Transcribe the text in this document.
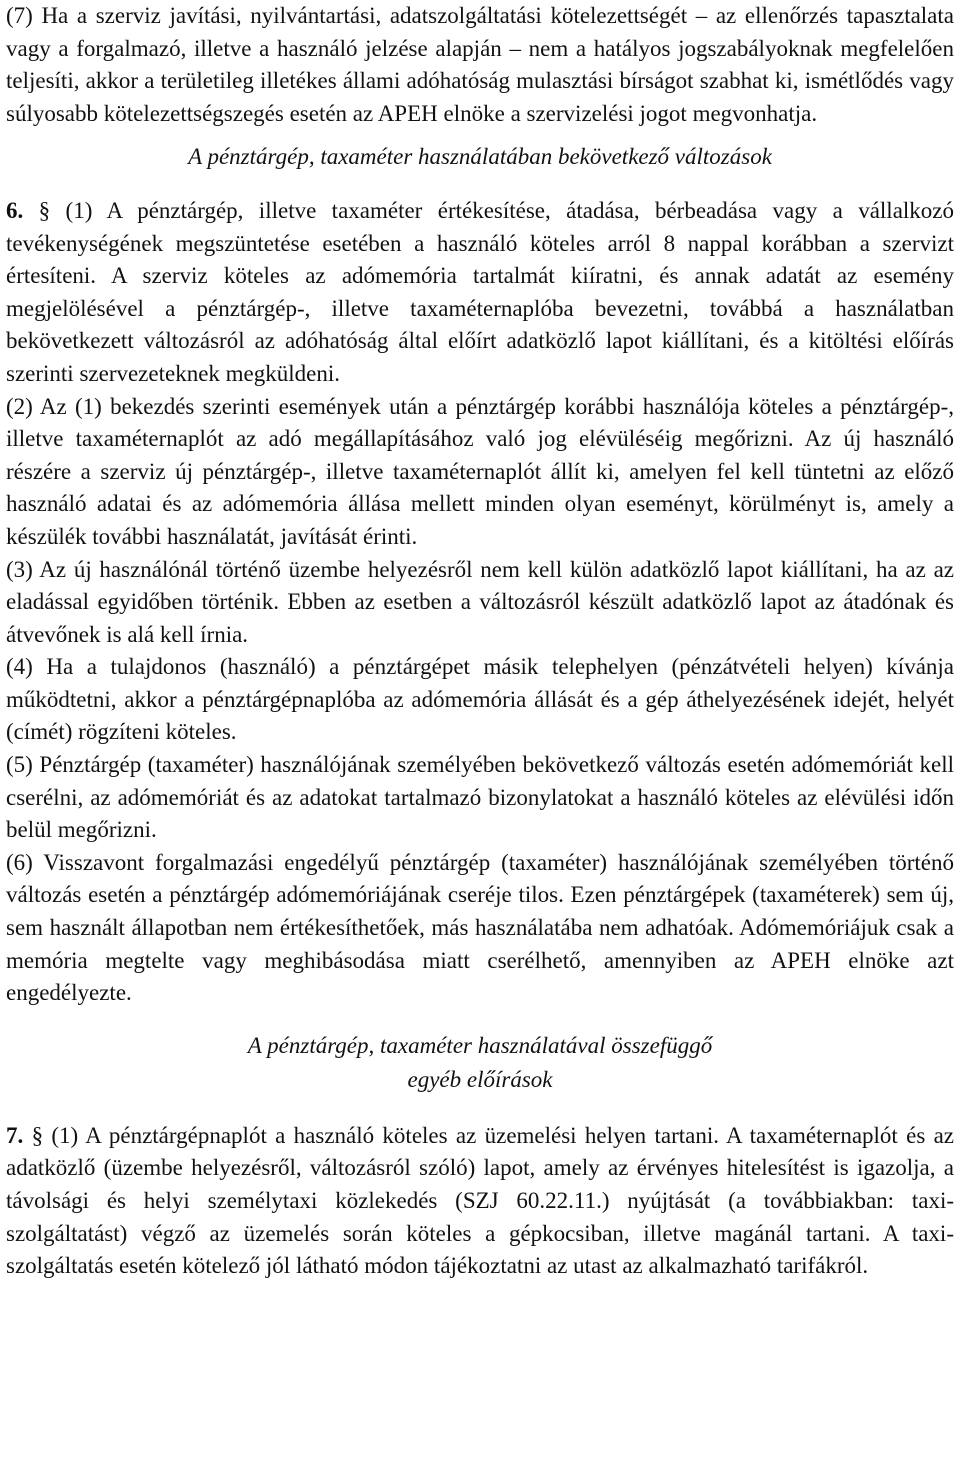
(7) Ha a szerviz javítási, nyilvántartási, adatszolgáltatási kötelezettségét – az ellenőrzés tapasztalata vagy a forgalmazó, illetve a használó jelzése alapján – nem a hatályos jogszabályoknak megfelelően teljesíti, akkor a területileg illetékes állami adóhatóság mulasztási bírságot szabhat ki, ismétlődés vagy súlyosabb kötelezettségszegés esetén az APEH elnöke a szervizelési jogot megvonhatja.

A pénztárgép, taxaméter használatában bekövetkező változások

6. § (1) A pénztárgép, illetve taxaméter értékesítése, átadása, bérbeadása vagy a vállalkozó tevékenységének megszüntetése esetében a használó köteles arról 8 nappal korábban a szervizt értesíteni. A szerviz köteles az adómemória tartalmát kiíratni, és annak adatát az esemény megjelölésével a pénztárgép-, illetve taxaméternaplóba bevezetni, továbbá a használatban bekövetkezett változásról az adóhatóság által előírt adatközlő lapot kiállítani, és a kitöltési előírás szerinti szervezeteknek megküldeni.

(2) Az (1) bekezdés szerinti események után a pénztárgép korábbi használója köteles a pénztárgép-, illetve taxaméternaplót az adó megállapításához való jog elévüléséig megőrizni. Az új használó részére a szerviz új pénztárgép-, illetve taxaméternaplót állít ki, amelyen fel kell tüntetni az előző használó adatai és az adómemória állása mellett minden olyan eseményt, körülményt is, amely a készülék további használatát, javítását érinti.

(3) Az új használónál történő üzembe helyezésről nem kell külön adatközlő lapot kiállítani, ha az az eladással egyidőben történik. Ebben az esetben a változásról készült adatközlő lapot az átadónak és átvevőnek is alá kell írnia.

(4) Ha a tulajdonos (használó) a pénztárgépet másik telephelyen (pénzátvételi helyen) kívánja működtetni, akkor a pénztárgépnaplóba az adómemória állását és a gép áthelyezésének idejét, helyét (címét) rögzíteni köteles.

(5) Pénztárgép (taxaméter) használójának személyében bekövetkező változás esetén adómemóriát kell cserélni, az adómemóriát és az adatokat tartalmazó bizonylatokat a használó köteles az elévülési időn belül megőrizni.

(6) Visszavont forgalmazási engedélyű pénztárgép (taxaméter) használójának személyében történő változás esetén a pénztárgép adómemóriájának cseréje tilos. Ezen pénztárgépek (taxaméterek) sem új, sem használt állapotban nem értékesíthetőek, más használatába nem adhatóak. Adómemóriájuk csak a memória megtelte vagy meghibásodása miatt cserélhető, amennyiben az APEH elnöke azt engedélyezte.

A pénztárgép, taxaméter használatával összefüggő
egyéb előírások

7. § (1) A pénztárgépnaplót a használó köteles az üzemelési helyen tartani. A taxaméternaplót és az adatközlő (üzembe helyezésről, változásról szóló) lapot, amely az érvényes hitelesítést is igazolja, a távolsági és helyi személytaxi közlekedés (SZJ 60.22.11.) nyújtását (a továbbiakban: taxi-szolgáltatást) végző az üzemelés során köteles a gépkocsiban, illetve magánál tartani. A taxi-szolgáltatás esetén kötelező jól látható módon tájékoztatni az utast az alkalmazható tarifákról.
